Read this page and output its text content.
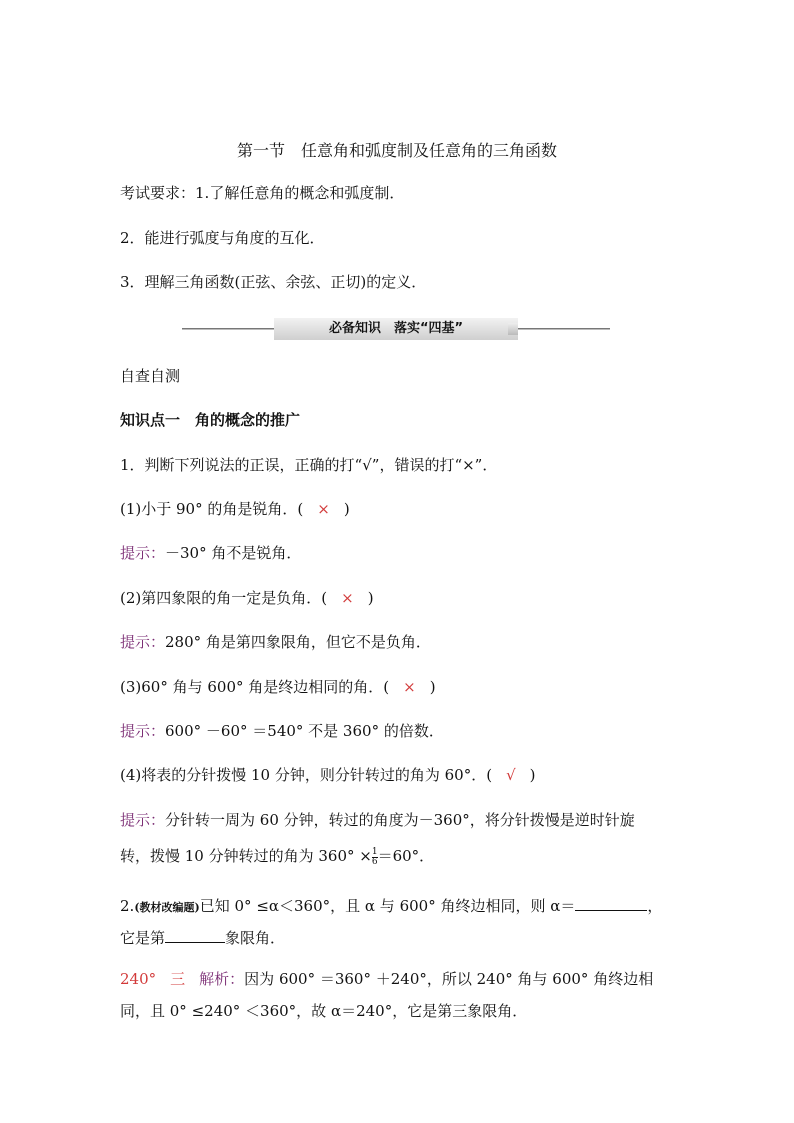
第一节　任意角和弧度制及任意角的三角函数
考试要求：1.了解任意角的概念和弧度制．
2．能进行弧度与角度的互化．
3．理解三角函数(正弦、余弦、正切)的定义．
必备知识　落实“四基”
自查自测
知识点一　角的概念的推广
1．判断下列说法的正误，正确的打“√”，错误的打“×”．
(1)小于 90° 的角是锐角．( × )
提示：－30° 角不是锐角．
(2)第四象限的角一定是负角．( × )
提示：280° 角是第四象限角，但它不是负角．
(3)60° 角与 600° 角是终边相同的角．( × )
提示：600° －60° ＝540° 不是 360° 的倍数．
(4)将表的分针拨慢 10 分钟，则分针转过的角为 60°．( √ )
提示：分针转一周为 60 分钟，转过的角度为－360°，将分针拨慢是逆时针旋
转，拨慢 10 分钟转过的角为 $360^\circ \times \frac{1}{6} =60^\circ$．
2.(教材改编题)已知 0° ≤α＜360°，且 α 与 600° 角终边相同，则 α＝	，
它是第	象限角．
240° 三 解析：因为 600° ＝360° ＋240°，所以 240° 角与 600° 角终边相
同，且 0° ≤240° ＜360°，故 α＝240°，它是第三象限角．
